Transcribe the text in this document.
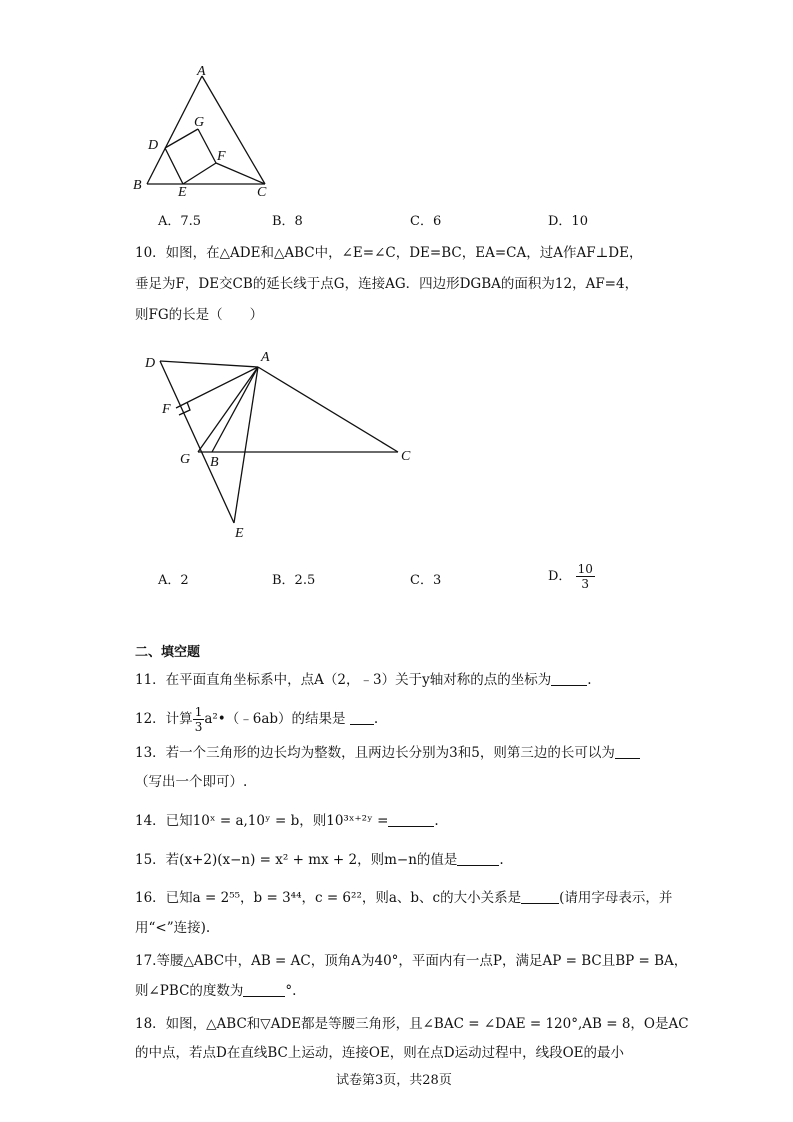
A
B	C
D
E
F
G
A．7.5	B．8	C．6	D．10
10．如图，在△ADE和△ABC中，∠E=∠C，DE=BC，EA=CA，过A作AF⊥DE，
垂足为F，DE交CB的延长线于点G，连接AG．四边形DGBA的面积为12，AF=4，
则FG的长是（　　）
D	A
F
G B	C
E
A．2	B．2.5	C．3	D． $\frac{10}{3}$
二、填空题
11．在平面直角坐标系中，点A（2，﹣3）关于y轴对称的点的坐标为	.
12．计算 $\frac{1}{3}$ a²•（﹣6ab）的结果是 .
13．若一个三角形的边长均为整数，且两边长分别为3和5，则第三边的长可以为
（写出一个即可）.
14．已知10ˣ = a,10ʸ = b，则10³ˣ⁺²ʸ =	.
15．若(x+2)(x−n) = x² + mx + 2，则m−n的值是	.
16．已知a = 2⁵⁵，b = 3⁴⁴，c = 6²²，则a、b、c的大小关系是	(请用字母表示，并
用“<”连接).
17.等腰△ABC中，AB = AC，顶角A为40°，平面内有一点P，满足AP = BC且BP = BA，
则∠PBC的度数为	°.
18．如图，△ABC和▽ADE都是等腰三角形，且∠BAC = ∠DAE = 120°,AB = 8，O是AC
的中点，若点D在直线BC上运动，连接OE，则在点D运动过程中，线段OE的最小
试卷第3页，共28页
